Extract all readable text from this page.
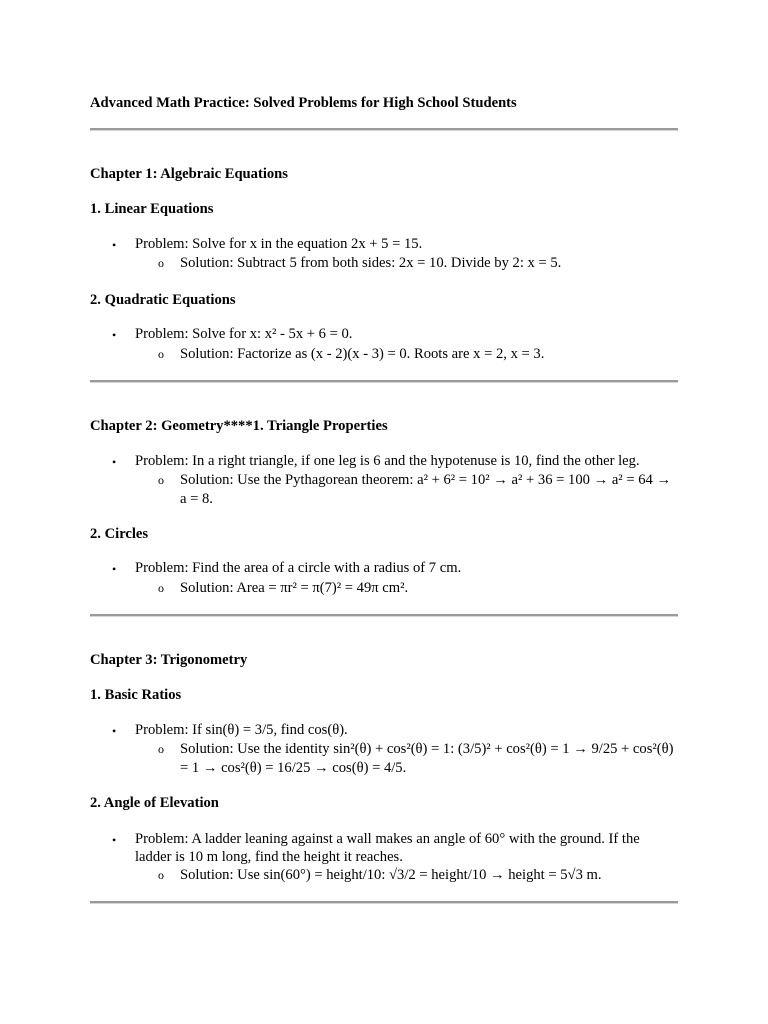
Advanced Math Practice: Solved Problems for High School Students
Chapter 1: Algebraic Equations
1. Linear Equations
• Problem: Solve for x in the equation 2x + 5 = 15.
o Solution: Subtract 5 from both sides: 2x = 10. Divide by 2: x = 5.
2. Quadratic Equations
• Problem: Solve for x: x² - 5x + 6 = 0.
o Solution: Factorize as (x - 2)(x - 3) = 0. Roots are x = 2, x = 3.
Chapter 2: Geometry****1. Triangle Properties
• Problem: In a right triangle, if one leg is 6 and the hypotenuse is 10, find the other leg.
o Solution: Use the Pythagorean theorem: a² + 6² = 10² → a² + 36 = 100 → a² = 64 → a = 8.
2. Circles
• Problem: Find the area of a circle with a radius of 7 cm.
o Solution: Area = πr² = π(7)² = 49π cm².
Chapter 3: Trigonometry
1. Basic Ratios
• Problem: If sin(θ) = 3/5, find cos(θ).
o Solution: Use the identity sin²(θ) + cos²(θ) = 1: (3/5)² + cos²(θ) = 1 → 9/25 + cos²(θ) = 1 → cos²(θ) = 16/25 → cos(θ) = 4/5.
2. Angle of Elevation
• Problem: A ladder leaning against a wall makes an angle of 60° with the ground. If the ladder is 10 m long, find the height it reaches.
o Solution: Use sin(60°) = height/10: √3/2 = height/10 → height = 5√3 m.
